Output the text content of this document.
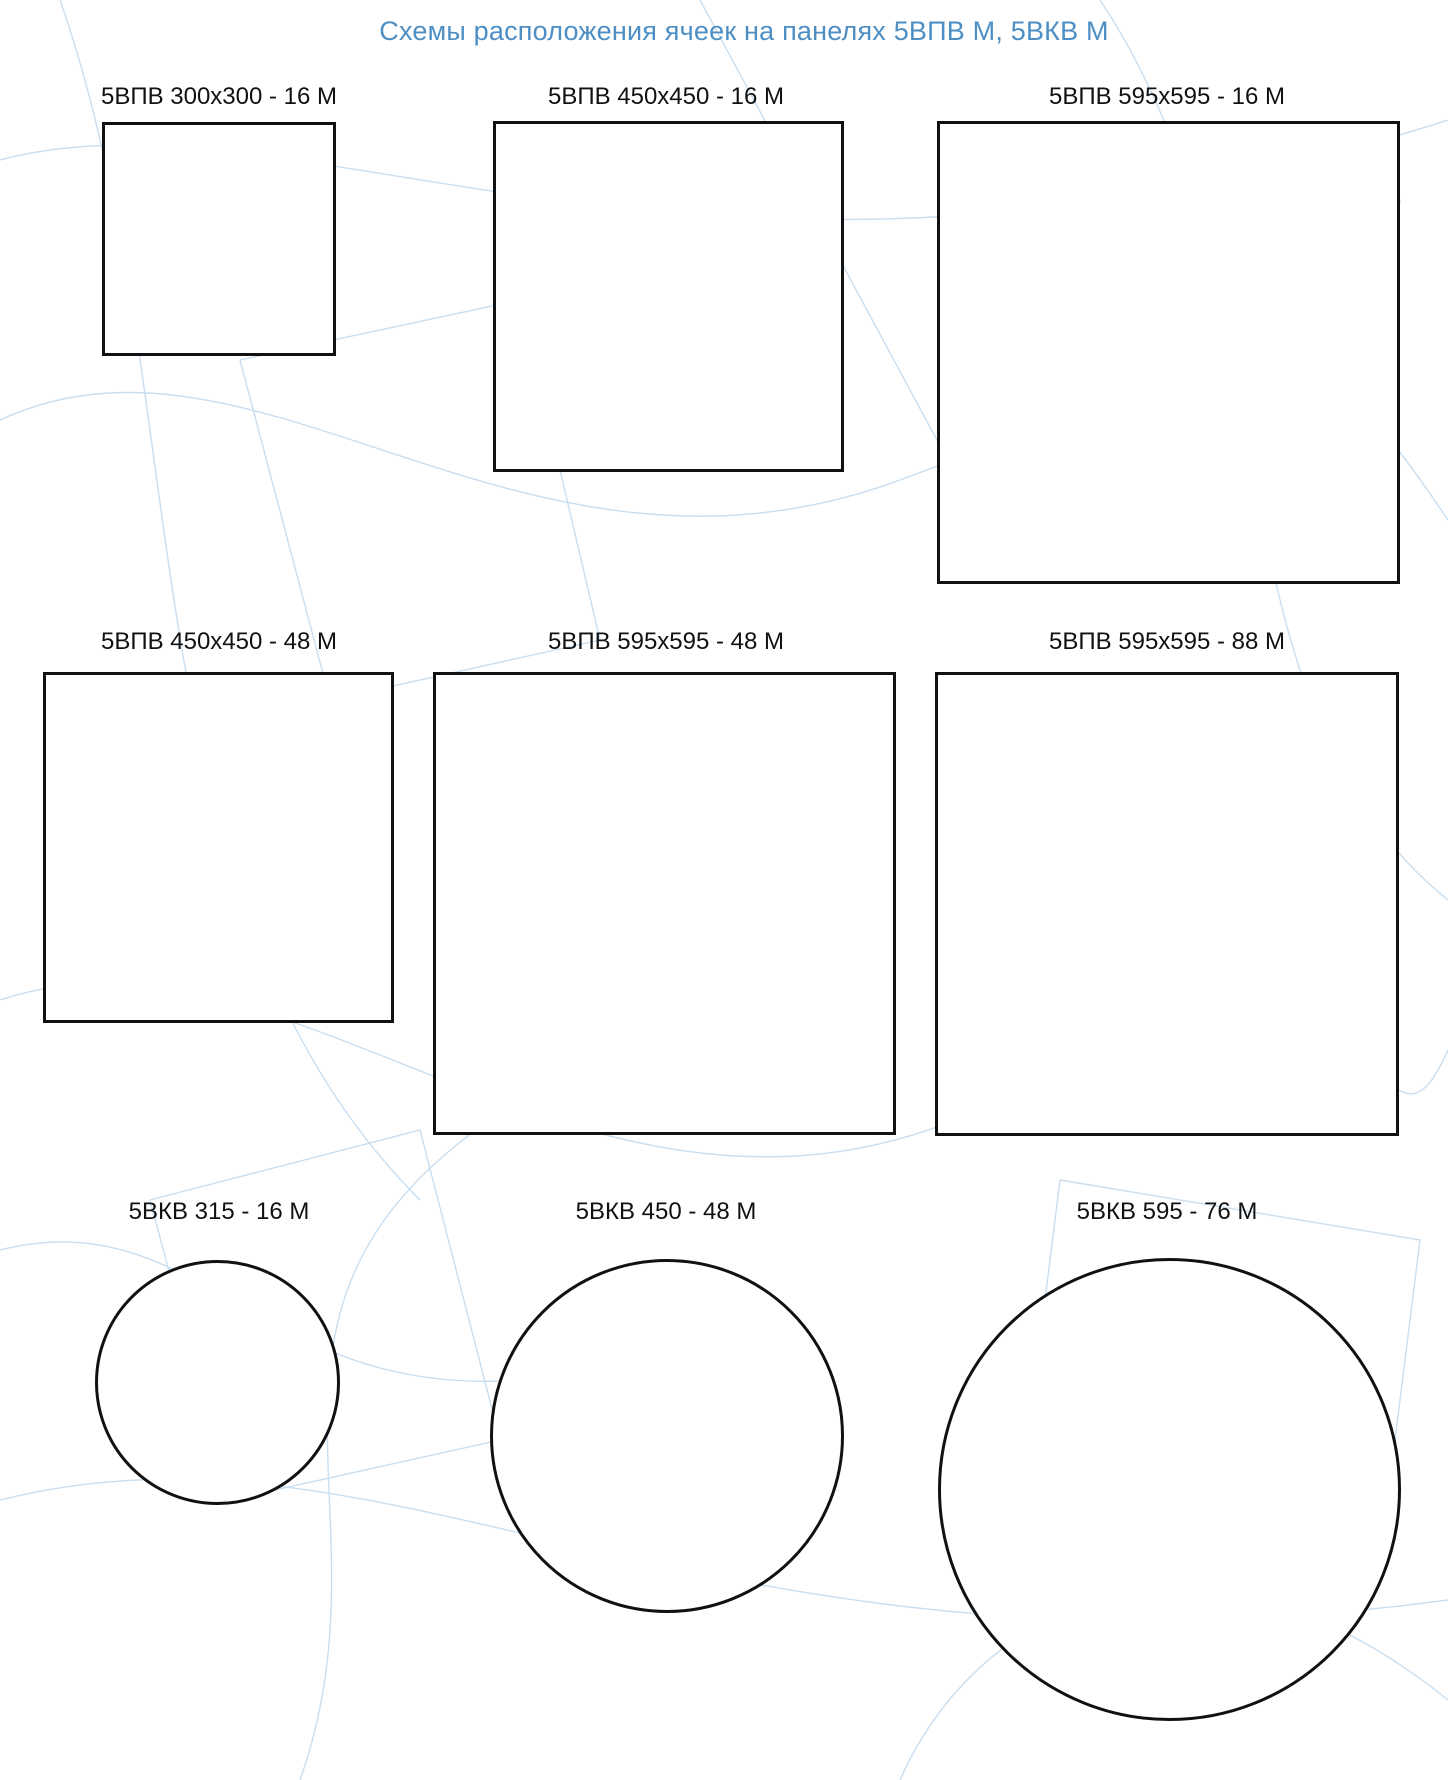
Схемы расположения ячеек на панелях 5ВПВ М, 5ВКВ М
5ВПВ 300x300 - 16 М	5ВПВ 450x450 - 16 М	5ВПВ 595x595 - 16 М
5ВПВ 450x450 - 48 М	5ВПВ 595x595 - 48 М	5ВПВ 595x595 - 88 М
5ВКВ 315 - 16 М	5ВКВ 450 - 48 М	5ВКВ 595 - 76 М
